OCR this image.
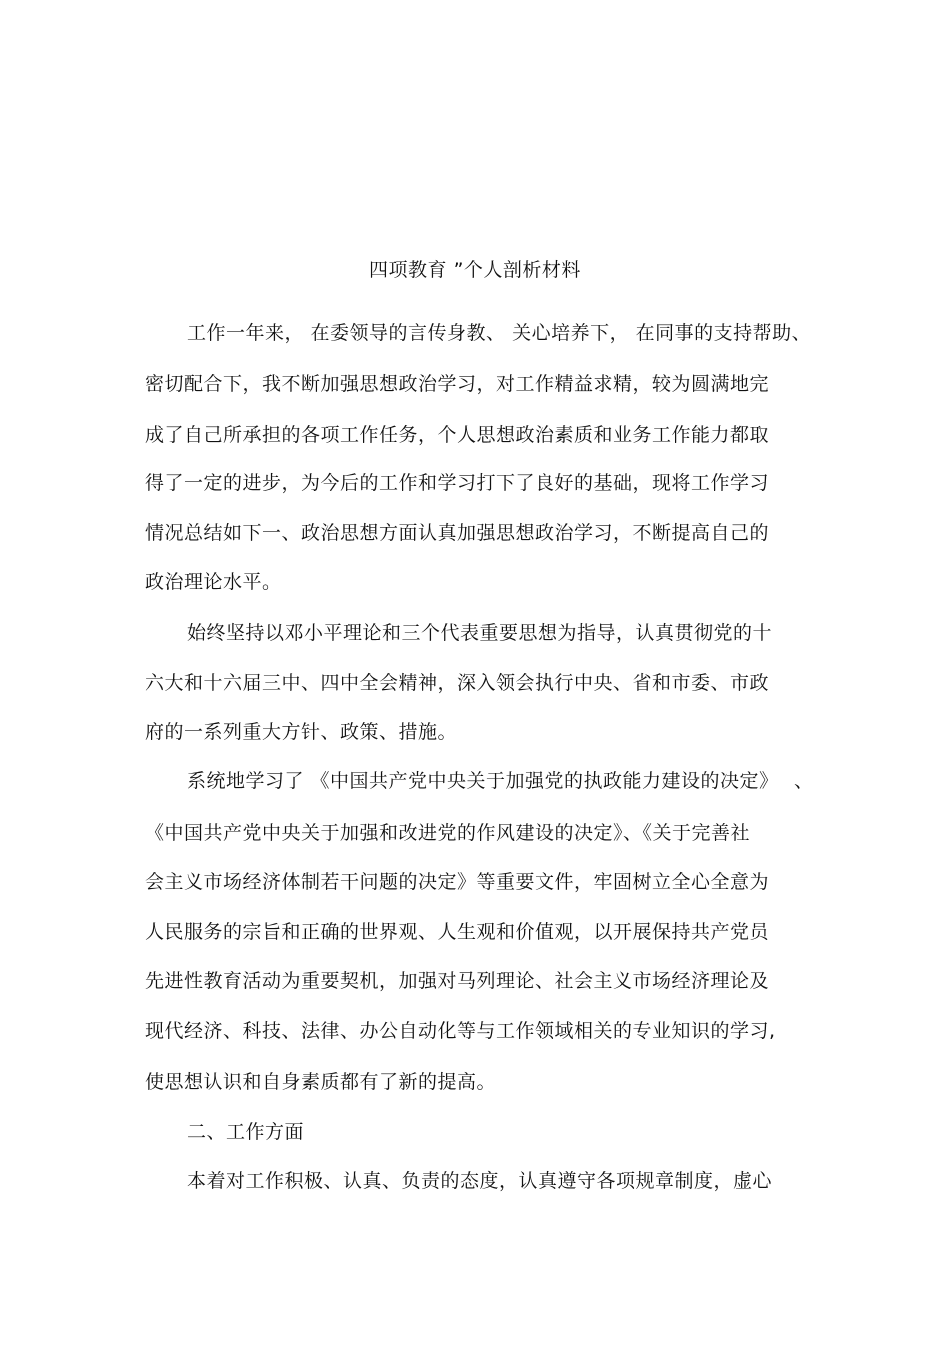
四项教育 ”个人剖析材料
工作一年来， 在委领导的言传身教、 关心培养下， 在同事的支持帮助、
密切配合下，我不断加强思想政治学习，对工作精益求精，较为圆满地完
成了自己所承担的各项工作任务，个人思想政治素质和业务工作能力都取
得了一定的进步，为今后的工作和学习打下了良好的基础，现将工作学习
情况总结如下一、政治思想方面认真加强思想政治学习，不断提高自己的
政治理论水平。
始终坚持以邓小平理论和三个代表重要思想为指导，认真贯彻党的十
六大和十六届三中、四中全会精神，深入领会执行中央、省和市委、市政
府的一系列重大方针、政策、措施。
系统地学习了 《中国共产党中央关于加强党的执政能力建设的决定》 、
《中国共产党中央关于加强和改进党的作风建设的决定》、《关于完善社
会主义市场经济体制若干问题的决定》等重要文件，牢固树立全心全意为
人民服务的宗旨和正确的世界观、人生观和价值观，以开展保持共产党员
先进性教育活动为重要契机，加强对马列理论、社会主义市场经济理论及
现代经济、科技、法律、办公自动化等与工作领域相关的专业知识的学习,
使思想认识和自身素质都有了新的提高。
二、工作方面
本着对工作积极、认真、负责的态度，认真遵守各项规章制度，虚心
